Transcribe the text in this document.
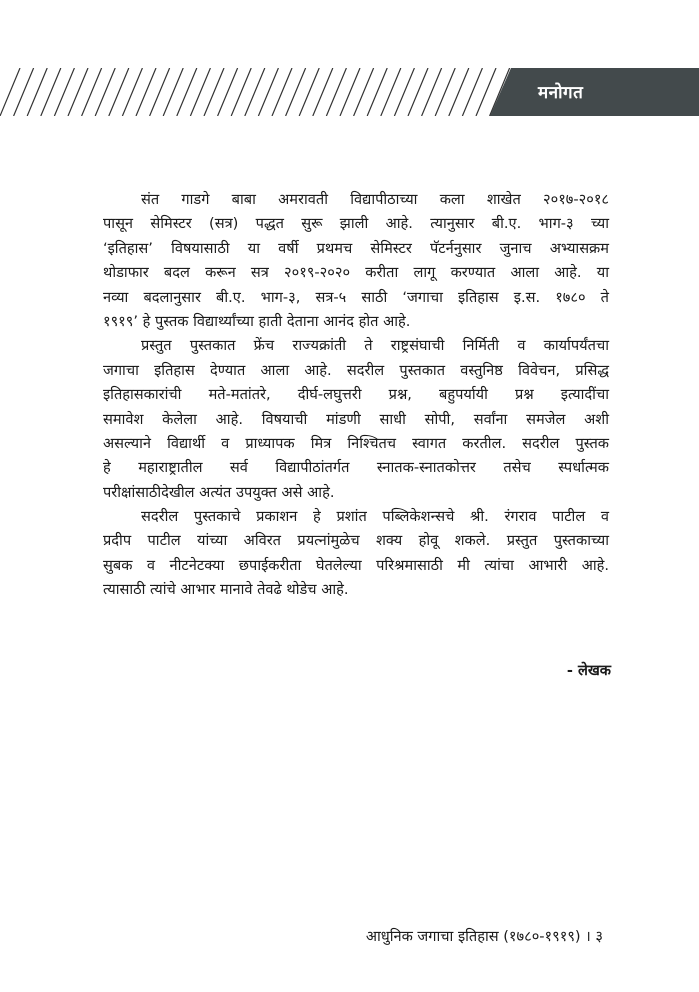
मनोगत
संत गाडगे बाबा अमरावती विद्यापीठाच्या कला शाखेत २०१७-२०१८
पासून सेमिस्टर (सत्र) पद्धत सुरू झाली आहे. त्यानुसार बी.ए. भाग-३ च्या
‘इतिहास’ विषयासाठी या वर्षी प्रथमच सेमिस्टर पॅटर्ननुसार जुनाच अभ्यासक्रम
थोडाफार बदल करून सत्र २०१९-२०२० करीता लागू करण्यात आला आहे. या
नव्या बदलानुसार बी.ए. भाग-३, सत्र-५ साठी ‘जगाचा इतिहास इ.स. १७८० ते
१९१९’ हे पुस्तक विद्यार्थ्यांच्या हाती देताना आनंद होत आहे.
प्रस्तुत पुस्तकात फ्रेंच राज्यक्रांती ते राष्ट्रसंघाची निर्मिती व कार्यापर्यंतचा
जगाचा इतिहास देण्यात आला आहे. सदरील पुस्तकात वस्तुनिष्ठ विवेचन, प्रसिद्ध
इतिहासकारांची मते-मतांतरे, दीर्घ-लघुत्तरी प्रश्न, बहुपर्यायी प्रश्न इत्यादींचा
समावेश केलेला आहे. विषयाची मांडणी साधी सोपी, सर्वांना समजेल अशी
असल्याने विद्यार्थी व प्राध्यापक मित्र निश्चितच स्वागत करतील. सदरील पुस्तक
हे महाराष्ट्रातील सर्व विद्यापीठांतर्गत स्नातक-स्नातकोत्तर तसेच स्पर्धात्मक
परीक्षांसाठीदेखील अत्यंत उपयुक्त असे आहे.
सदरील पुस्तकाचे प्रकाशन हे प्रशांत पब्लिकेशन्सचे श्री. रंगराव पाटील व
प्रदीप पाटील यांच्या अविरत प्रयत्नांमुळेच शक्य होवू शकले. प्रस्तुत पुस्तकाच्या
सुबक व नीटनेटक्या छपाईकरीता घेतलेल्या परिश्रमासाठी मी त्यांचा आभारी आहे.
त्यासाठी त्यांचे आभार मानावे तेवढे थोडेच आहे.
- लेखक
आधुनिक जगाचा इतिहास (१७८०-१९१९) । ३
